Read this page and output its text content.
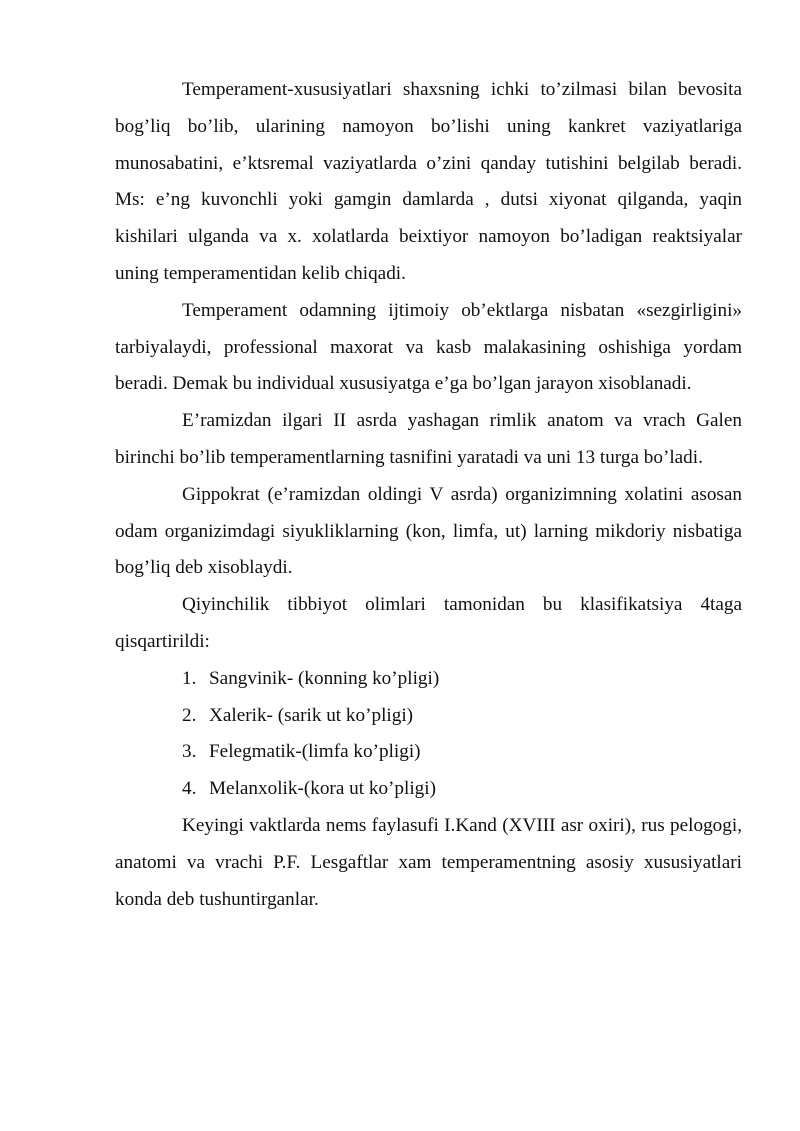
Temperament-xususiyatlari shaxsning ichki to’zilmasi bilan bevosita bog’liq bo’lib, ularining namoyon bo’lishi uning kankret vaziyatlariga munosabatini, e’ktsremal vaziyatlarda o’zini qanday tutishini belgilab beradi. Ms: e’ng kuvonchli yoki gamgin damlarda , dutsi xiyonat qilganda, yaqin kishilari ulganda va x. xolatlarda beixtiyor namoyon bo’ladigan reaktsiyalar uning temperamentidan kelib chiqadi.

Temperament odamning ijtimoiy ob’ektlarga nisbatan «sezgirligini» tarbiyalaydi, professional maxorat va kasb malakasining oshishiga yordam beradi. Demak bu individual xususiyatga e’ga bo’lgan jarayon xisoblanadi.

E’ramizdan ilgari II asrda yashagan rimlik anatom va vrach Galen birinchi bo’lib temperamentlarning tasnifini yaratadi va uni 13 turga bo’ladi.

Gippokrat (e’ramizdan oldingi V asrda) organizimning xolatini asosan odam organizimdagi siyukliklarning (kon, limfa, ut) larning mikdoriy nisbatiga bog’liq deb xisoblaydi.

Qiyinchilik tibbiyot olimlari tamonidan bu klasifikatsiya 4taga qisqartirildi:

1. Sangvinik- (konning ko’pligi)
2. Xalerik- (sarik ut ko’pligi)
3. Felegmatik-(limfa ko’pligi)
4. Melanxolik-(kora ut ko’pligi)

Keyingi vaktlarda nems faylasufi I.Kand (XVIII asr oxiri), rus pelogogi, anatomi va vrachi P.F. Lesgaftlar xam temperamentning asosiy xususiyatlari konda deb tushuntirganlar.
